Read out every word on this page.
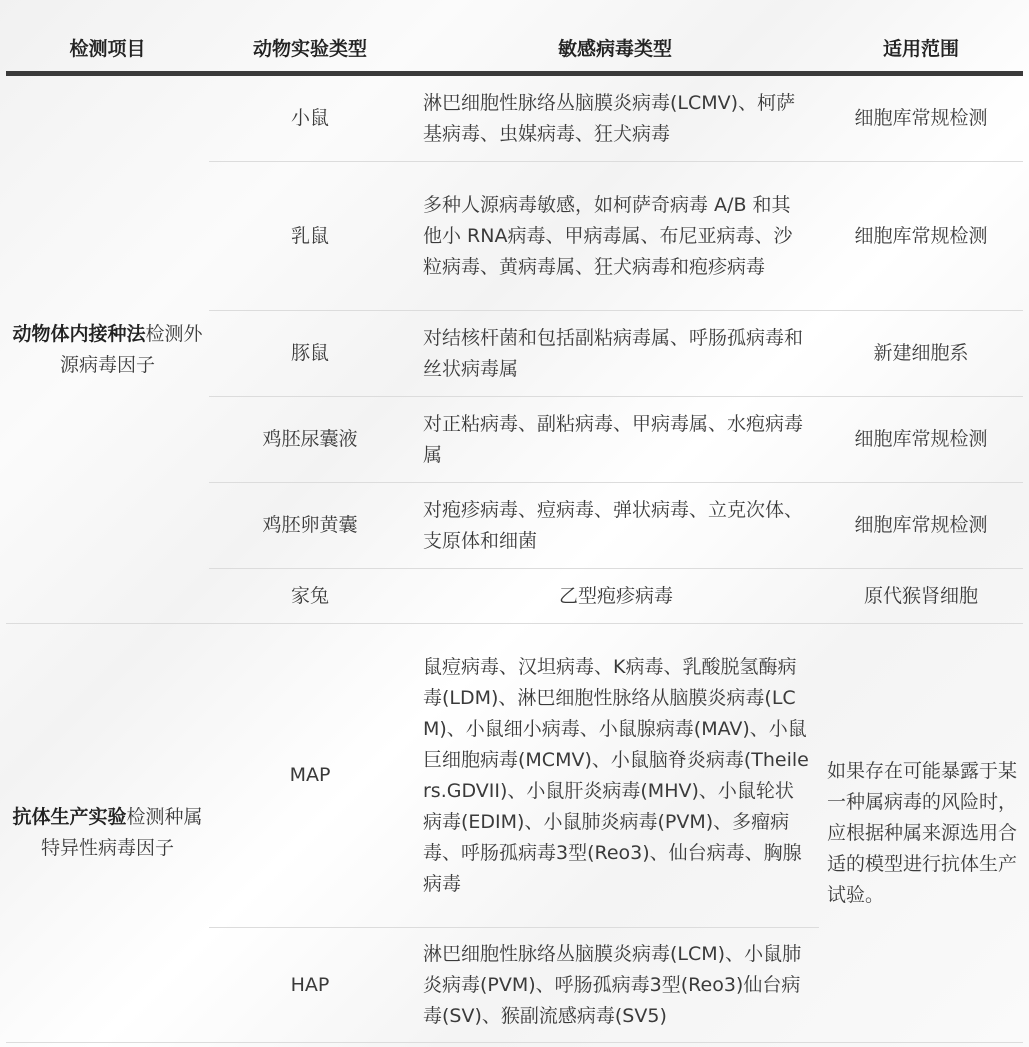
检测项目	动物实验类型	敏感病毒类型	适用范围
动物体内接种法检测外源病毒因子	小鼠	淋巴细胞性脉络丛脑膜炎病毒(LCMV)、柯萨基病毒、虫媒病毒、狂犬病毒	细胞库常规检测
	乳鼠	多种人源病毒敏感，如柯萨奇病毒 A/B 和其他小 RNA病毒、甲病毒属、布尼亚病毒、沙粒病毒、黄病毒属、狂犬病毒和疱疹病毒	细胞库常规检测
	豚鼠	对结核杆菌和包括副粘病毒属、呼肠孤病毒和丝状病毒属	新建细胞系
	鸡胚尿囊液	对正粘病毒、副粘病毒、甲病毒属、水疱病毒属	细胞库常规检测
	鸡胚卵黄囊	对疱疹病毒、痘病毒、弹状病毒、立克次体、支原体和细菌	细胞库常规检测
	家兔	乙型疱疹病毒	原代猴肾细胞
抗体生产实验检测种属特异性病毒因子	MAP	鼠痘病毒、汉坦病毒、K病毒、乳酸脱氢酶病毒(LDM)、淋巴细胞性脉络从脑膜炎病毒(LCM)、小鼠细小病毒、小鼠腺病毒(MAV)、小鼠巨细胞病毒(MCMV)、小鼠脑脊炎病毒(Theilers.GDVII)、小鼠肝炎病毒(MHV)、小鼠轮状病毒(EDIM)、小鼠肺炎病毒(PVM)、多瘤病毒、呼肠孤病毒3型(Reo3)、仙台病毒、胸腺病毒	如果存在可能暴露于某一种属病毒的风险时，应根据种属来源选用合适的模型进行抗体生产试验。
	HAP	淋巴细胞性脉络丛脑膜炎病毒(LCM)、小鼠肺炎病毒(PVM)、呼肠孤病毒3型(Reo3)仙台病毒(SV)、猴副流感病毒(SV5)	
